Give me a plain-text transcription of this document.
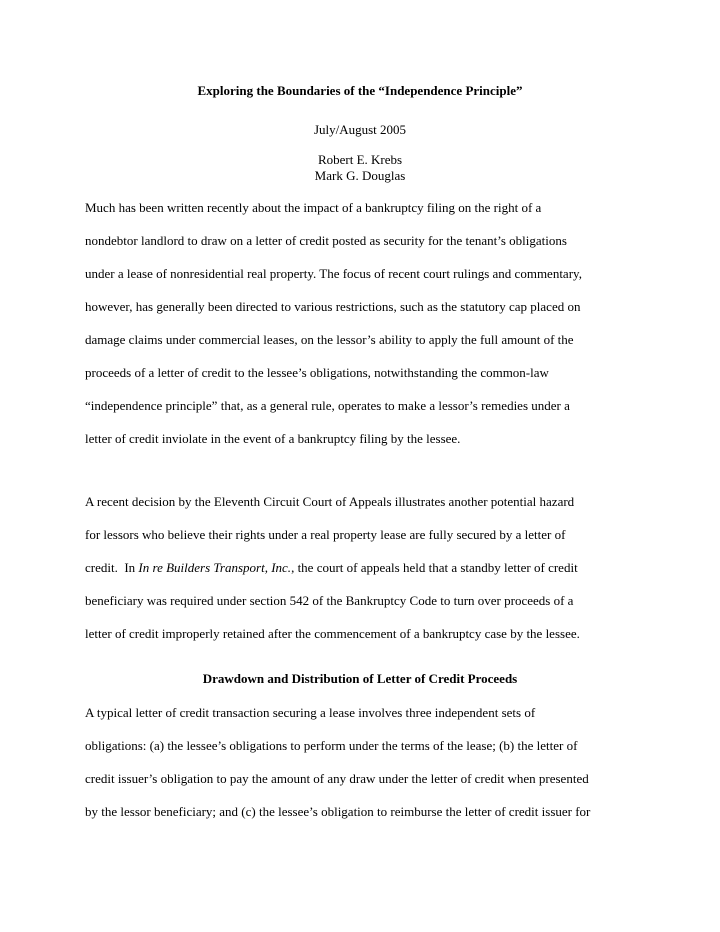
Exploring the Boundaries of the “Independence Principle”

July/August 2005

Robert E. Krebs

Mark G. Douglas

Much has been written recently about the impact of a bankruptcy filing on the right of a

nondebtor landlord to draw on a letter of credit posted as security for the tenant’s obligations

under a lease of nonresidential real property. The focus of recent court rulings and commentary,

however, has generally been directed to various restrictions, such as the statutory cap placed on

damage claims under commercial leases, on the lessor’s ability to apply the full amount of the

proceeds of a letter of credit to the lessee’s obligations, notwithstanding the common-law

“independence principle” that, as a general rule, operates to make a lessor’s remedies under a

letter of credit inviolate in the event of a bankruptcy filing by the lessee.

A recent decision by the Eleventh Circuit Court of Appeals illustrates another potential hazard

for lessors who believe their rights under a real property lease are fully secured by a letter of

credit.  In In re Builders Transport, Inc., the court of appeals held that a standby letter of credit

beneficiary was required under section 542 of the Bankruptcy Code to turn over proceeds of a

letter of credit improperly retained after the commencement of a bankruptcy case by the lessee.

Drawdown and Distribution of Letter of Credit Proceeds

A typical letter of credit transaction securing a lease involves three independent sets of

obligations: (a) the lessee’s obligations to perform under the terms of the lease; (b) the letter of

credit issuer’s obligation to pay the amount of any draw under the letter of credit when presented

by the lessor beneficiary; and (c) the lessee’s obligation to reimburse the letter of credit issuer for
